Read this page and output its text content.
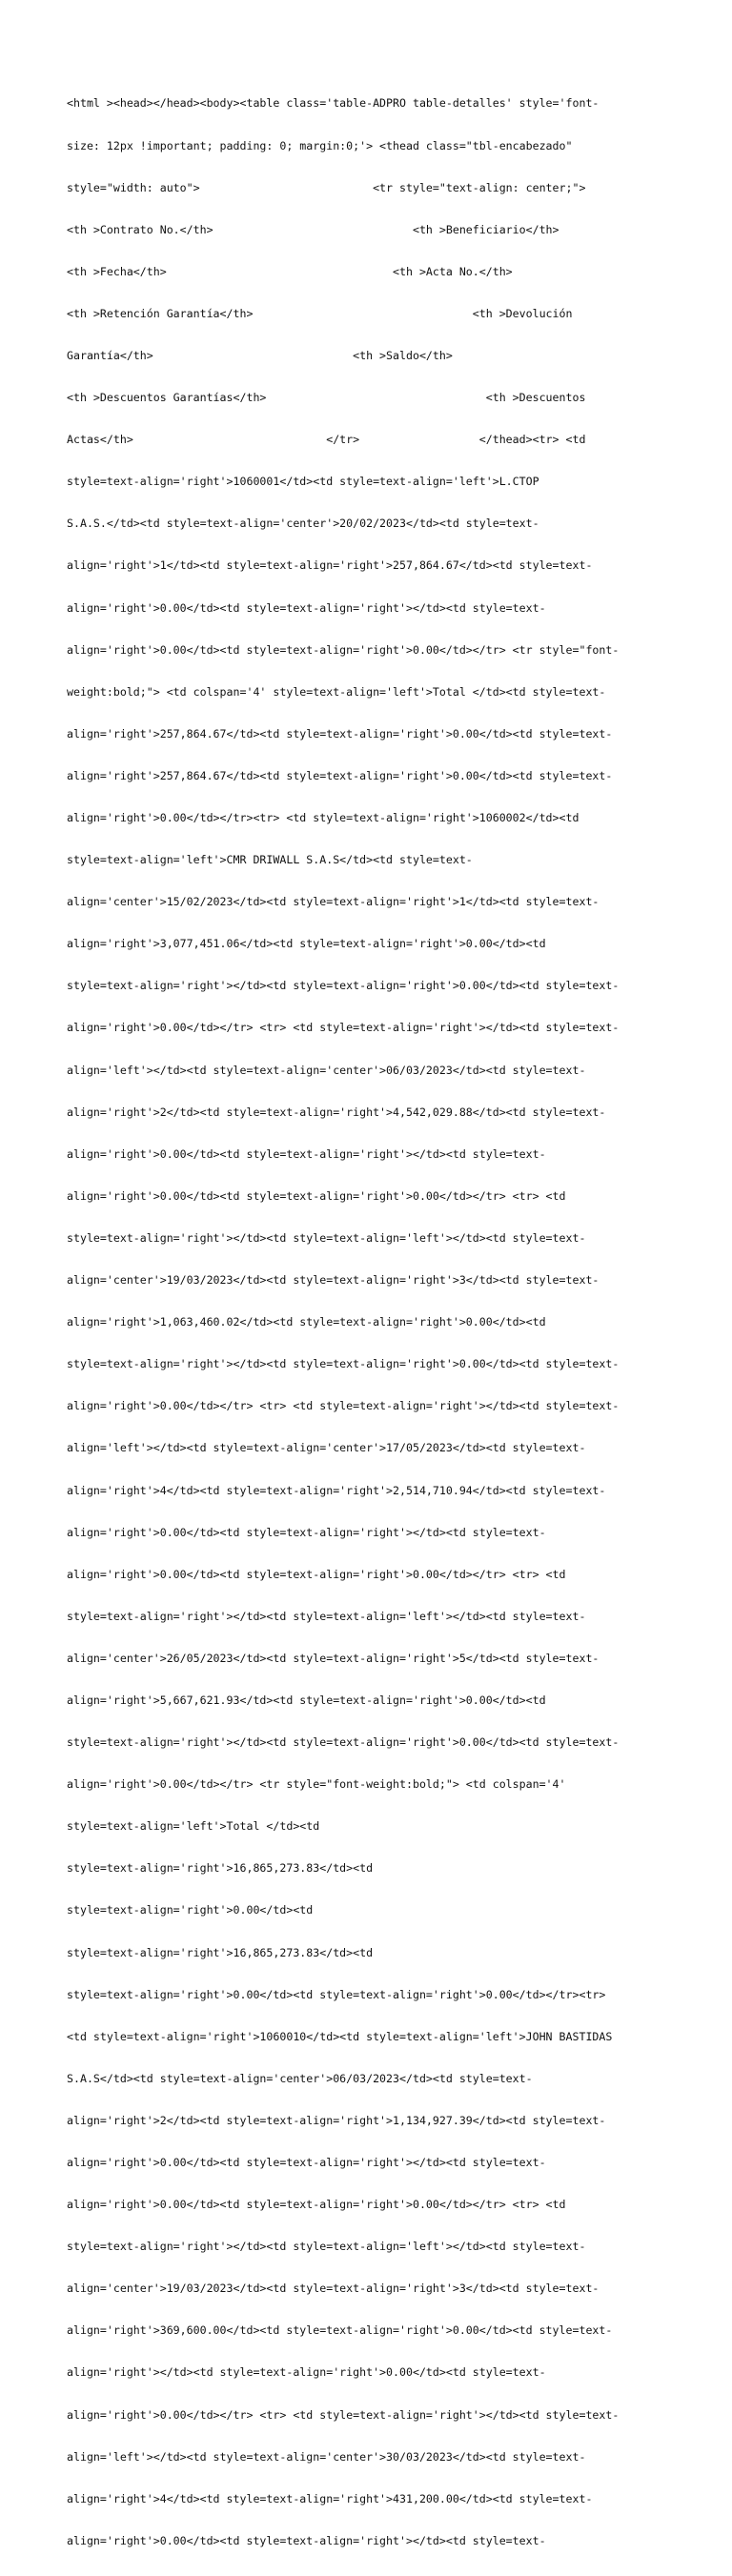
<html ><head></head><body><table class='table-ADPRO table-detalles' style='font-

size: 12px !important; padding: 0; margin:0;'> <thead class="tbl-encabezado"

style="width: auto">                          <tr style="text-align: center;">

<th >Contrato No.</th>                              <th >Beneficiario</th>

<th >Fecha</th>                                  <th >Acta No.</th>

<th >Retención Garantía</th>                                 <th >Devolución

Garantía</th>                              <th >Saldo</th>

<th >Descuentos Garantías</th>                                 <th >Descuentos

Actas</th>                             </tr>                  </thead><tr> <td

style=text-align='right'>1060001</td><td style=text-align='left'>L.CTOP

S.A.S.</td><td style=text-align='center'>20/02/2023</td><td style=text-

align='right'>1</td><td style=text-align='right'>257,864.67</td><td style=text-

align='right'>0.00</td><td style=text-align='right'></td><td style=text-

align='right'>0.00</td><td style=text-align='right'>0.00</td></tr> <tr style="font-

weight:bold;"> <td colspan='4' style=text-align='left'>Total </td><td style=text-

align='right'>257,864.67</td><td style=text-align='right'>0.00</td><td style=text-

align='right'>257,864.67</td><td style=text-align='right'>0.00</td><td style=text-

align='right'>0.00</td></tr><tr> <td style=text-align='right'>1060002</td><td

style=text-align='left'>CMR DRIWALL S.A.S</td><td style=text-

align='center'>15/02/2023</td><td style=text-align='right'>1</td><td style=text-

align='right'>3,077,451.06</td><td style=text-align='right'>0.00</td><td

style=text-align='right'></td><td style=text-align='right'>0.00</td><td style=text-

align='right'>0.00</td></tr> <tr> <td style=text-align='right'></td><td style=text-

align='left'></td><td style=text-align='center'>06/03/2023</td><td style=text-

align='right'>2</td><td style=text-align='right'>4,542,029.88</td><td style=text-

align='right'>0.00</td><td style=text-align='right'></td><td style=text-

align='right'>0.00</td><td style=text-align='right'>0.00</td></tr> <tr> <td

style=text-align='right'></td><td style=text-align='left'></td><td style=text-

align='center'>19/03/2023</td><td style=text-align='right'>3</td><td style=text-

align='right'>1,063,460.02</td><td style=text-align='right'>0.00</td><td

style=text-align='right'></td><td style=text-align='right'>0.00</td><td style=text-

align='right'>0.00</td></tr> <tr> <td style=text-align='right'></td><td style=text-

align='left'></td><td style=text-align='center'>17/05/2023</td><td style=text-

align='right'>4</td><td style=text-align='right'>2,514,710.94</td><td style=text-

align='right'>0.00</td><td style=text-align='right'></td><td style=text-

align='right'>0.00</td><td style=text-align='right'>0.00</td></tr> <tr> <td

style=text-align='right'></td><td style=text-align='left'></td><td style=text-

align='center'>26/05/2023</td><td style=text-align='right'>5</td><td style=text-

align='right'>5,667,621.93</td><td style=text-align='right'>0.00</td><td

style=text-align='right'></td><td style=text-align='right'>0.00</td><td style=text-

align='right'>0.00</td></tr> <tr style="font-weight:bold;"> <td colspan='4'

style=text-align='left'>Total </td><td

style=text-align='right'>16,865,273.83</td><td

style=text-align='right'>0.00</td><td

style=text-align='right'>16,865,273.83</td><td

style=text-align='right'>0.00</td><td style=text-align='right'>0.00</td></tr><tr>

<td style=text-align='right'>1060010</td><td style=text-align='left'>JOHN BASTIDAS

S.A.S</td><td style=text-align='center'>06/03/2023</td><td style=text-

align='right'>2</td><td style=text-align='right'>1,134,927.39</td><td style=text-

align='right'>0.00</td><td style=text-align='right'></td><td style=text-

align='right'>0.00</td><td style=text-align='right'>0.00</td></tr> <tr> <td

style=text-align='right'></td><td style=text-align='left'></td><td style=text-

align='center'>19/03/2023</td><td style=text-align='right'>3</td><td style=text-

align='right'>369,600.00</td><td style=text-align='right'>0.00</td><td style=text-

align='right'></td><td style=text-align='right'>0.00</td><td style=text-

align='right'>0.00</td></tr> <tr> <td style=text-align='right'></td><td style=text-

align='left'></td><td style=text-align='center'>30/03/2023</td><td style=text-

align='right'>4</td><td style=text-align='right'>431,200.00</td><td style=text-

align='right'>0.00</td><td style=text-align='right'></td><td style=text-
